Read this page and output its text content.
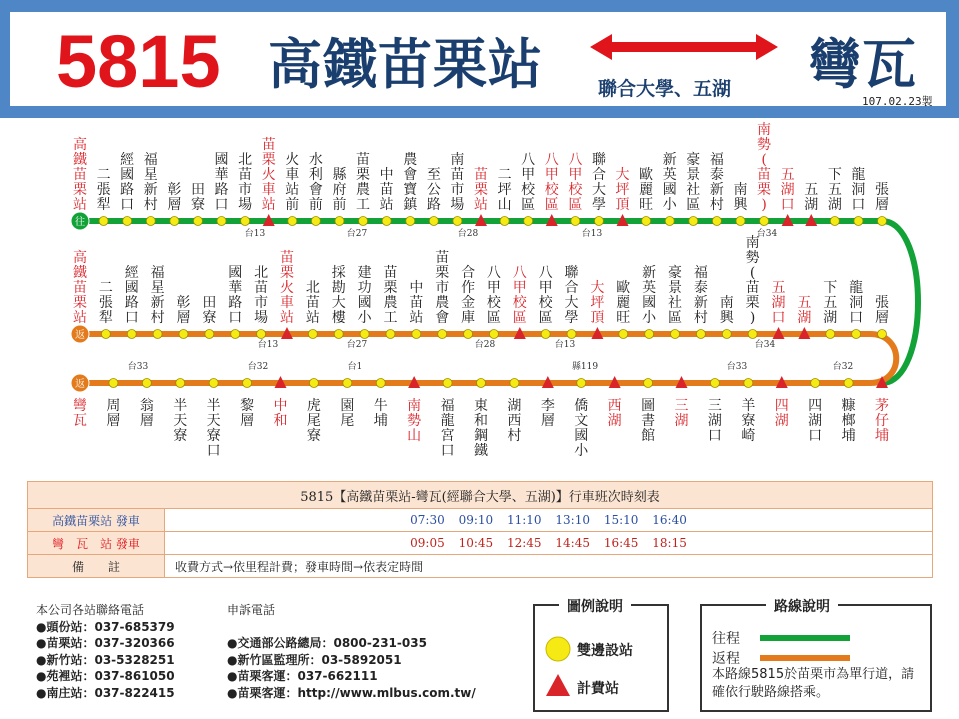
5815 高鐵苗栗站	聯合大學、五湖 彎瓦
107.02.23製
往
返
返
高鐵苗栗站
二張犁
經國路口
福星新村
彰層
田寮
國華路口
北苗市場
苗栗火車站
火車站前
水利會前
縣府前
苗栗農工
中苗站
農會寶鎮
至公路
南苗市場
苗栗站
二坪山
八甲校區
八甲校區
八甲校區
聯合大學
大坪頂
歐麗旺
新英國小
豪景社區
福泰新村
南興
南勢(苗栗)
五湖口
五湖
下五湖
龍洞口
張層
台13	台27	台28	台13	台34
高鐵苗栗站
二張犁
經國路口
福星新村
彰層
田寮
國華路口
北苗市場
苗栗火車站
北苗站
採勘大樓
建功國小
苗栗農工
中苗站
苗栗市農會
合作金庫
八甲校區
八甲校區
八甲校區
聯合大學
大坪頂
歐麗旺
新英國小
豪景社區
福泰新村
南興
南勢(苗栗)
五湖口
五湖
下五湖
龍洞口
張層
台13	台27	台28	台13	台34
彎瓦
周層
翁層
半天寮
半天寮口
黎層
中和
虎尾寮
園尾
牛埔
南勢山
福龍宮口
東和鋼鐵
湖西村
李層
僑文國小
西湖
圖書館
三湖
三湖口
羊寮崎
四湖
四湖口
糠榔埔
茅仔埔
台33	台32	台1	縣119	台33	台32
5815【高鐵苗栗站-彎瓦(經聯合大學、五湖)】行車班次時刻表	
高鐵苗栗站 發車	07:30 09:10 11:10 13:10 15:10 16:40
彎　瓦　站 發車	09:05 10:45 12:45 14:45 16:45 18:15
備　　註	收費方式→依里程計費；發車時間→依表定時間
本公司各站聯絡電話
●頭份站：037-685379
●苗栗站：037-320366
●新竹站：03-5328251
●苑裡站：037-861050
●南庄站：037-822415
申訴電話

●交通部公路總局：0800-231-035
●新竹區監理所：03-5892051
●苗栗客運：037-662111
●苗栗客運：http://www.mlbus.com.tw/
圖例說明
雙邊設站
計費站
路線說明
往程
返程
本路線5815於苗栗市為單行道，請確依行駛路線搭乘。
